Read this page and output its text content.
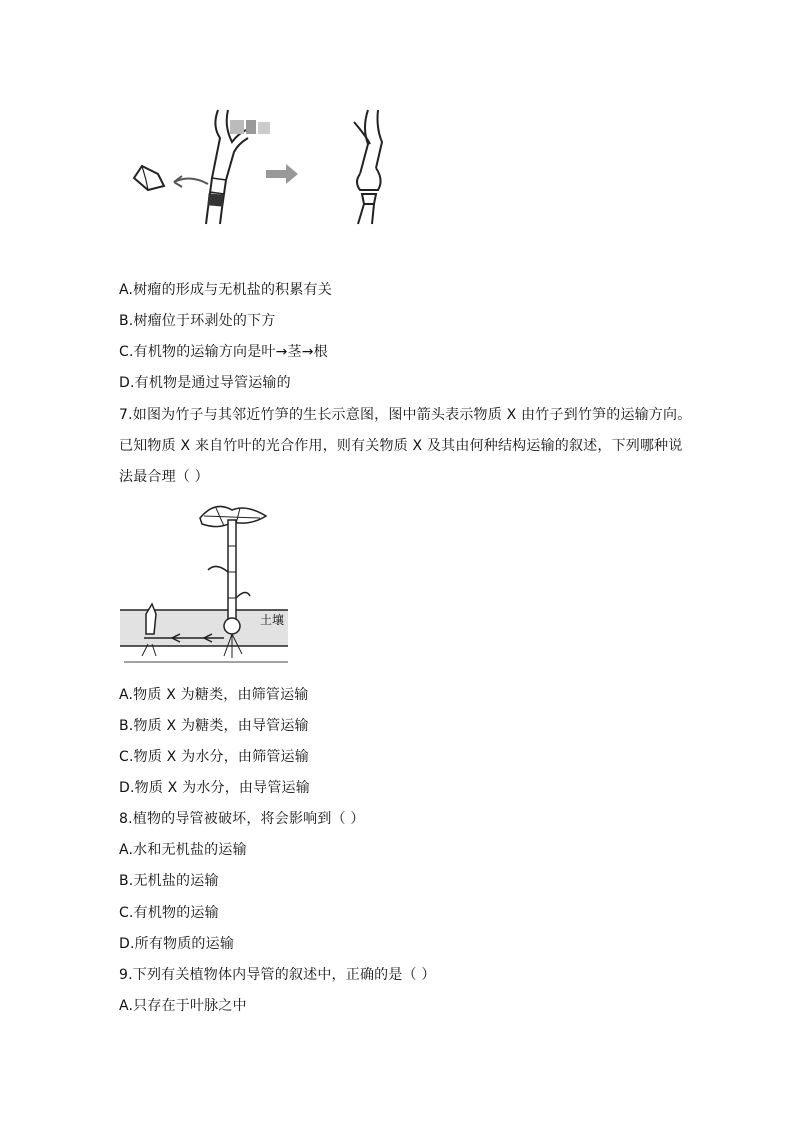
A.树瘤的形成与无机盐的积累有关
B.树瘤位于环剥处的下方
C.有机物的运输方向是叶→茎→根
D.有机物是通过导管运输的
7.如图为竹子与其邻近竹笋的生长示意图，图中箭头表示物质 X 由竹子到竹笋的运输方向。
已知物质 X 来自竹叶的光合作用，则有关物质 X 及其由何种结构运输的叙述，下列哪种说
法最合理（ ）
土壤
A.物质 X 为糖类，由筛管运输
B.物质 X 为糖类，由导管运输
C.物质 X 为水分，由筛管运输
D.物质 X 为水分，由导管运输
8.植物的导管被破坏，将会影响到（ ）
A.水和无机盐的运输
B.无机盐的运输
C.有机物的运输
D.所有物质的运输
9.下列有关植物体内导管的叙述中，正确的是（ ）
A.只存在于叶脉之中
